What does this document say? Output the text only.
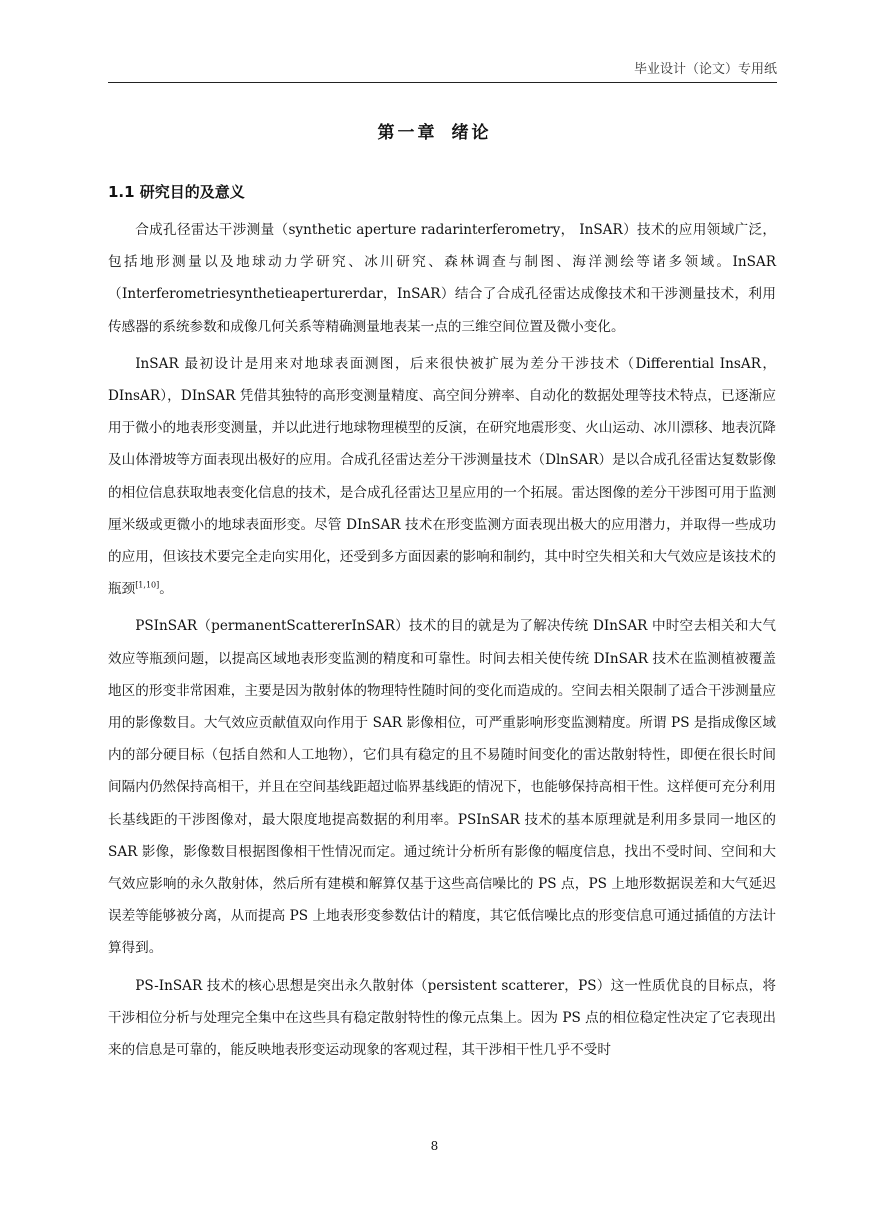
毕业设计（论文）专用纸
第一章 绪论
1.1 研究目的及意义

合成孔径雷达干涉测量（synthetic aperture radarinterferometry， InSAR）技术的应用领域广泛，包括地形测量以及地球动力学研究、冰川研究、森林调查与制图、海洋测绘等诸多领域。InSAR（Interferometriesynthetieaperturerdar，InSAR）结合了合成孔径雷达成像技术和干涉测量技术，利用传感器的系统参数和成像几何关系等精确测量地表某一点的三维空间位置及微小变化。

InSAR 最初设计是用来对地球表面测图，后来很快被扩展为差分干涉技术（Differential InsAR，DInsAR），DInSAR 凭借其独特的高形变测量精度、高空间分辨率、自动化的数据处理等技术特点，已逐渐应用于微小的地表形变测量，并以此进行地球物理模型的反演，在研究地震形变、火山运动、冰川漂移、地表沉降及山体滑坡等方面表现出极好的应用。合成孔径雷达差分干涉测量技术（DlnSAR）是以合成孔径雷达复数影像的相位信息获取地表变化信息的技术，是合成孔径雷达卫星应用的一个拓展。雷达图像的差分干涉图可用于监测厘米级或更微小的地球表面形变。尽管 DInSAR 技术在形变监测方面表现出极大的应用潜力，并取得一些成功的应用，但该技术要完全走向实用化，还受到多方面因素的影响和制约，其中时空失相关和大气效应是该技术的瓶颈[1,10]。

PSInSAR（permanentScattererInSAR）技术的目的就是为了解决传统 DInSAR 中时空去相关和大气效应等瓶颈问题，以提高区域地表形变监测的精度和可靠性。时间去相关使传统 DInSAR 技术在监测植被覆盖地区的形变非常困难，主要是因为散射体的物理特性随时间的变化而造成的。空间去相关限制了适合干涉测量应用的影像数目。大气效应贡献值双向作用于 SAR 影像相位，可严重影响形变监测精度。所谓 PS 是指成像区域内的部分硬目标（包括自然和人工地物），它们具有稳定的且不易随时间变化的雷达散射特性，即便在很长时间间隔内仍然保持高相干，并且在空间基线距超过临界基线距的情况下，也能够保持高相干性。这样便可充分利用长基线距的干涉图像对，最大限度地提高数据的利用率。PSInSAR 技术的基本原理就是利用多景同一地区的 SAR 影像，影像数目根据图像相干性情况而定。通过统计分析所有影像的幅度信息，找出不受时间、空间和大气效应影响的永久散射体，然后所有建模和解算仅基于这些高信噪比的 PS 点，PS 上地形数据误差和大气延迟误差等能够被分离，从而提高 PS 上地表形变参数估计的精度，其它低信噪比点的形变信息可通过插值的方法计算得到。

PS-InSAR 技术的核心思想是突出永久散射体（persistent scatterer，PS）这一性质优良的目标点，将干涉相位分析与处理完全集中在这些具有稳定散射特性的像元点集上。因为 PS 点的相位稳定性决定了它表现出来的信息是可靠的，能反映地表形变运动现象的客观过程，其干涉相干性几乎不受时

8
